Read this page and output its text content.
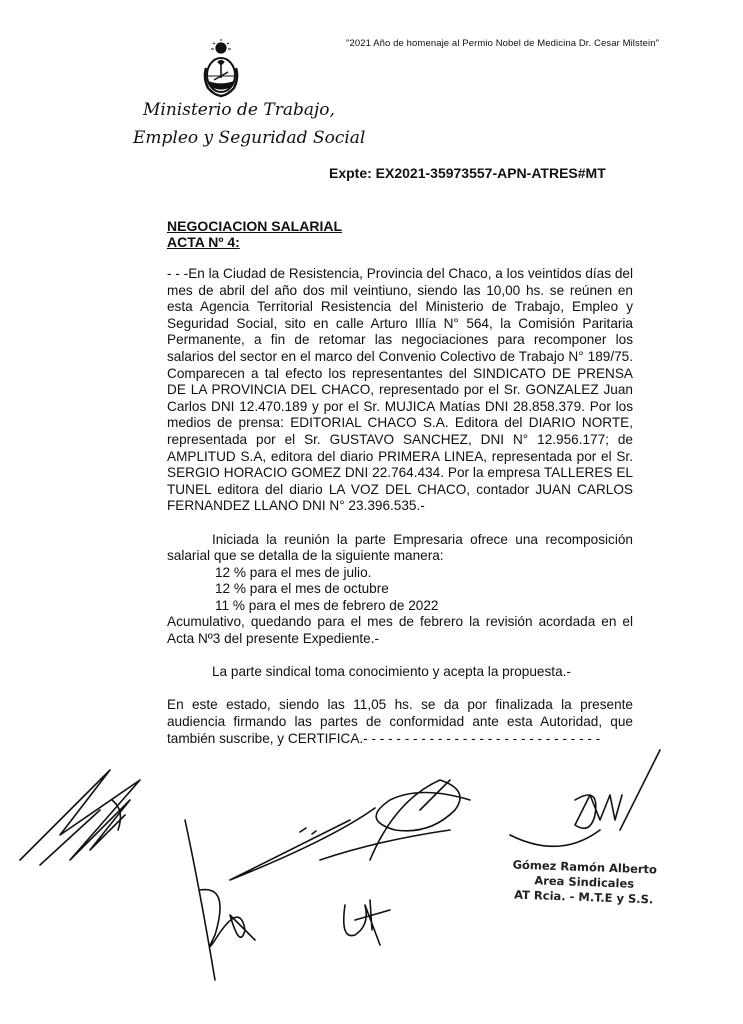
"2021 Año de homenaje al Permio Nobel de Medicina Dr. Cesar Milstein"
Ministerio de Trabajo,
Empleo y Seguridad Social
Expte: EX2021-35973557-APN-ATRES#MT
NEGOCIACION SALARIAL
ACTA Nº 4:

- - -En la Ciudad de Resistencia, Provincia del Chaco, a los veintidos días del mes de abril del año dos mil veintiuno, siendo las 10,00 hs. se reúnen en esta Agencia Territorial Resistencia del Ministerio de Trabajo, Empleo y Seguridad Social, sito en calle Arturo Illía N° 564, la Comisión Paritaria Permanente, a fin de retomar las negociaciones para recomponer los salarios del sector en el marco del Convenio Colectivo de Trabajo N° 189/75. Comparecen a tal efecto los representantes del SINDICATO DE PRENSA DE LA PROVINCIA DEL CHACO, representado por el Sr. GONZALEZ Juan Carlos DNI 12.470.189 y por el Sr. MUJICA Matías DNI 28.858.379. Por los medios de prensa: EDITORIAL CHACO S.A. Editora del DIARIO NORTE, representada por el Sr. GUSTAVO SANCHEZ, DNI N° 12.956.177; de AMPLITUD S.A, editora del diario PRIMERA LINEA, representada por el Sr. SERGIO HORACIO GOMEZ DNI 22.764.434. Por la empresa TALLERES EL TUNEL editora del diario LA VOZ DEL CHACO, contador JUAN CARLOS FERNANDEZ LLANO DNI N° 23.396.535.-

Iniciada la reunión la parte Empresaria ofrece una recomposición salarial que se detalla de la siguiente manera:

12 % para el mes de julio.

12 % para el mes de octubre

11 % para el mes de febrero de 2022

Acumulativo, quedando para el mes de febrero la revisión acordada en el Acta Nº3 del presente Expediente.-

La parte sindical toma conocimiento y acepta la propuesta.-

En este estado, siendo las 11,05 hs. se da por finalizada la presente audiencia firmando las partes de conformidad ante esta Autoridad, que también suscribe, y CERTIFICA.- - - - - - - - - - - - - - - - - - - - - - - - - - - - -

Gómez Ramón Alberto
Area Sindicales
AT Rcia. - M.T.E y S.S.
